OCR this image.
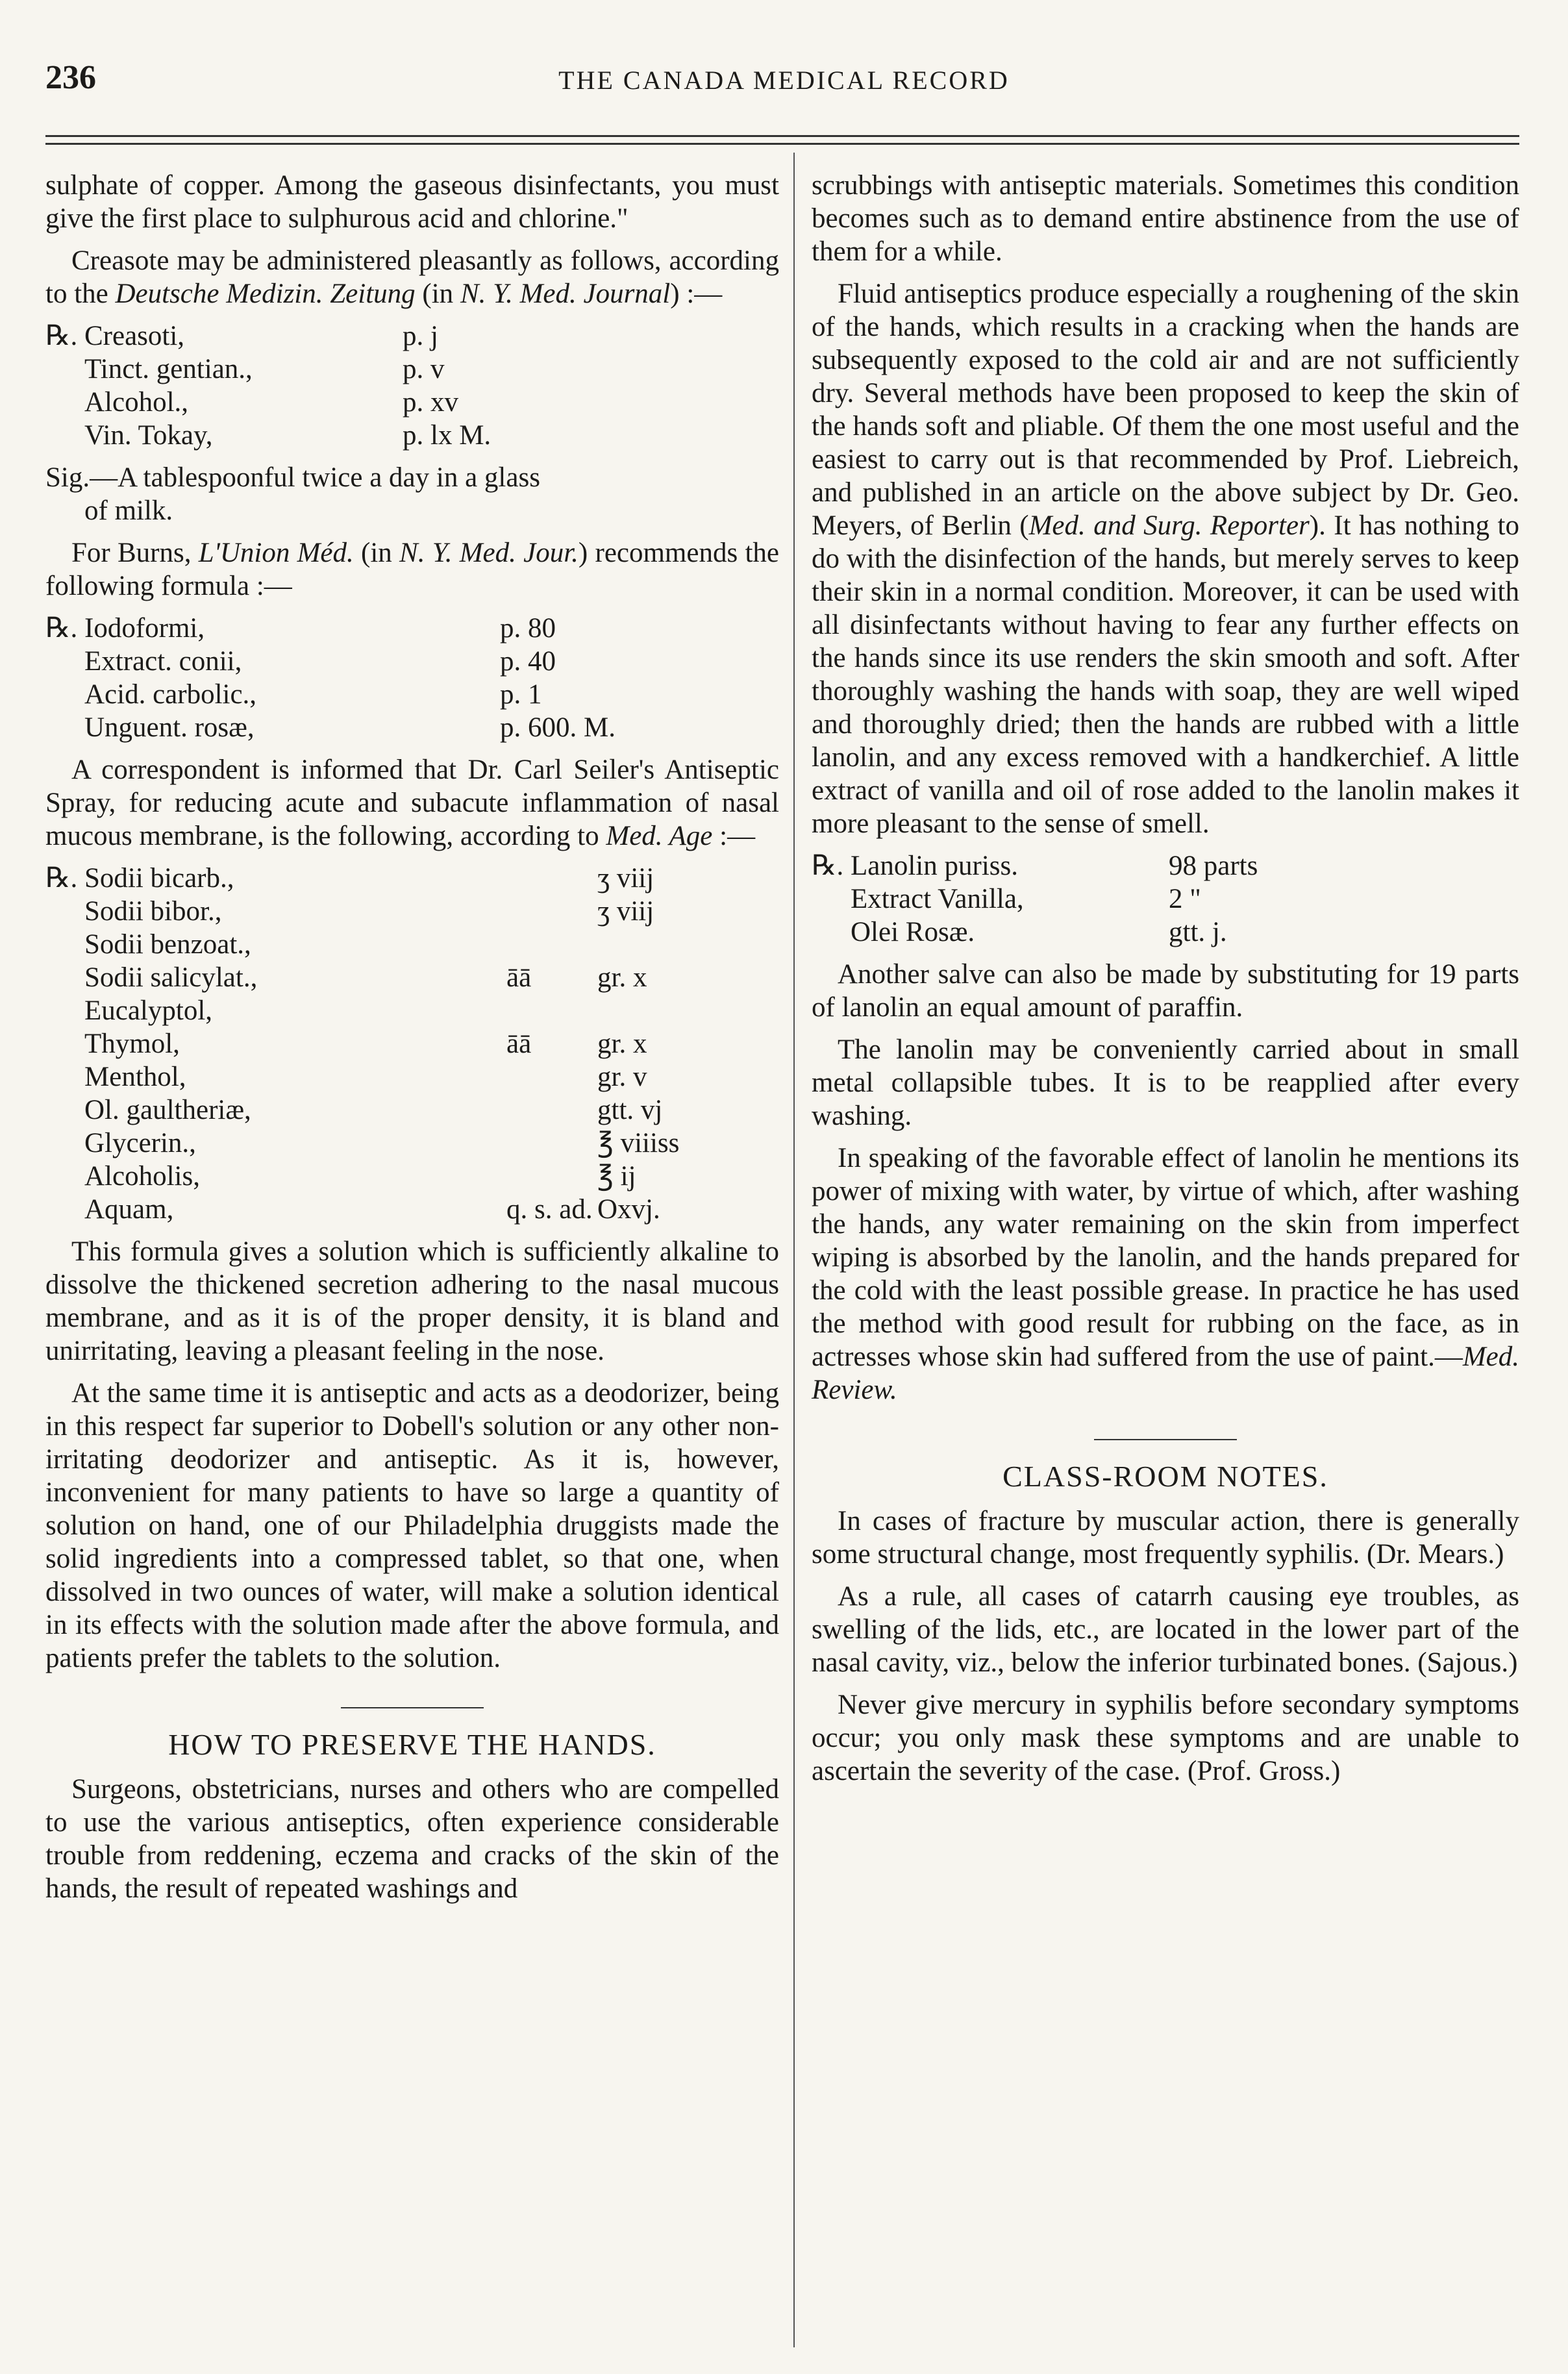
236	THE CANADA MEDICAL RECORD

sulphate of copper. Among the gaseous disinfectants, you must give the first place to sulphurous acid and chlorine."

Creasote may be administered pleasantly as follows, according to the Deutsche Medizin. Zeitung (in N. Y. Med. Journal) :—

℞. Creasoti,	p. j
Tinct. gentian.,	p. v
Alcohol.,	p. xv
Vin. Tokay,	p. lx M.

Sig.—A tablespoonful twice a day in a glass
of milk.

For Burns, L'Union Méd. (in N. Y. Med. Jour.) recommends the following formula :—

℞. Iodoformi,	p. 80
Extract. conii,	p. 40
Acid. carbolic.,	p. 1
Unguent. rosæ,	p. 600. M.

A correspondent is informed that Dr. Carl Seiler's Antiseptic Spray, for reducing acute and subacute inflammation of nasal mucous membrane, is the following, according to Med. Age :—

℞. Sodii bicarb.,	ʒ viij
Sodii bibor.,	ʒ viij
Sodii benzoat.,
Sodii salicylat.,	āā	gr. x
Eucalyptol,
Thymol,	āā	gr. x
Menthol,	gr. v
Ol. gaultheriæ,	gtt. vj
Glycerin.,	℥ viiiss
Alcoholis,	℥ ij
Aquam,	q. s. ad. Oxvj.

This formula gives a solution which is sufficiently alkaline to dissolve the thickened secretion adhering to the nasal mucous membrane, and as it is of the proper density, it is bland and unirritating, leaving a pleasant feeling in the nose.

At the same time it is antiseptic and acts as a deodorizer, being in this respect far superior to Dobell's solution or any other non-irritating deodorizer and antiseptic. As it is, however, inconvenient for many patients to have so large a quantity of solution on hand, one of our Philadelphia druggists made the solid ingredients into a compressed tablet, so that one, when dissolved in two ounces of water, will make a solution identical in its effects with the solution made after the above formula, and patients prefer the tablets to the solution.

HOW TO PRESERVE THE HANDS.

Surgeons, obstetricians, nurses and others who are compelled to use the various antiseptics, often experience considerable trouble from reddening, eczema and cracks of the skin of the hands, the result of repeated washings and

scrubbings with antiseptic materials. Sometimes this condition becomes such as to demand entire abstinence from the use of them for a while.

Fluid antiseptics produce especially a roughening of the skin of the hands, which results in a cracking when the hands are subsequently exposed to the cold air and are not sufficiently dry. Several methods have been proposed to keep the skin of the hands soft and pliable. Of them the one most useful and the easiest to carry out is that recommended by Prof. Liebreich, and published in an article on the above subject by Dr. Geo. Meyers, of Berlin (Med. and Surg. Reporter). It has nothing to do with the disinfection of the hands, but merely serves to keep their skin in a normal condition. Moreover, it can be used with all disinfectants without having to fear any further effects on the hands since its use renders the skin smooth and soft. After thoroughly washing the hands with soap, they are well wiped and thoroughly dried; then the hands are rubbed with a little lanolin, and any excess removed with a handkerchief. A little extract of vanilla and oil of rose added to the lanolin makes it more pleasant to the sense of smell.

℞. Lanolin puriss.	98 parts
Extract Vanilla,	2 "
Olei Rosæ.	gtt. j.

Another salve can also be made by substituting for 19 parts of lanolin an equal amount of paraffin.

The lanolin may be conveniently carried about in small metal collapsible tubes. It is to be reapplied after every washing.

In speaking of the favorable effect of lanolin he mentions its power of mixing with water, by virtue of which, after washing the hands, any water remaining on the skin from imperfect wiping is absorbed by the lanolin, and the hands prepared for the cold with the least possible grease. In practice he has used the method with good result for rubbing on the face, as in actresses whose skin had suffered from the use of paint.—Med. Review.

CLASS-ROOM NOTES.

In cases of fracture by muscular action, there is generally some structural change, most frequently syphilis. (Dr. Mears.)

As a rule, all cases of catarrh causing eye troubles, as swelling of the lids, etc., are located in the lower part of the nasal cavity, viz., below the inferior turbinated bones. (Sajous.)

Never give mercury in syphilis before secondary symptoms occur; you only mask these symptoms and are unable to ascertain the severity of the case. (Prof. Gross.)
